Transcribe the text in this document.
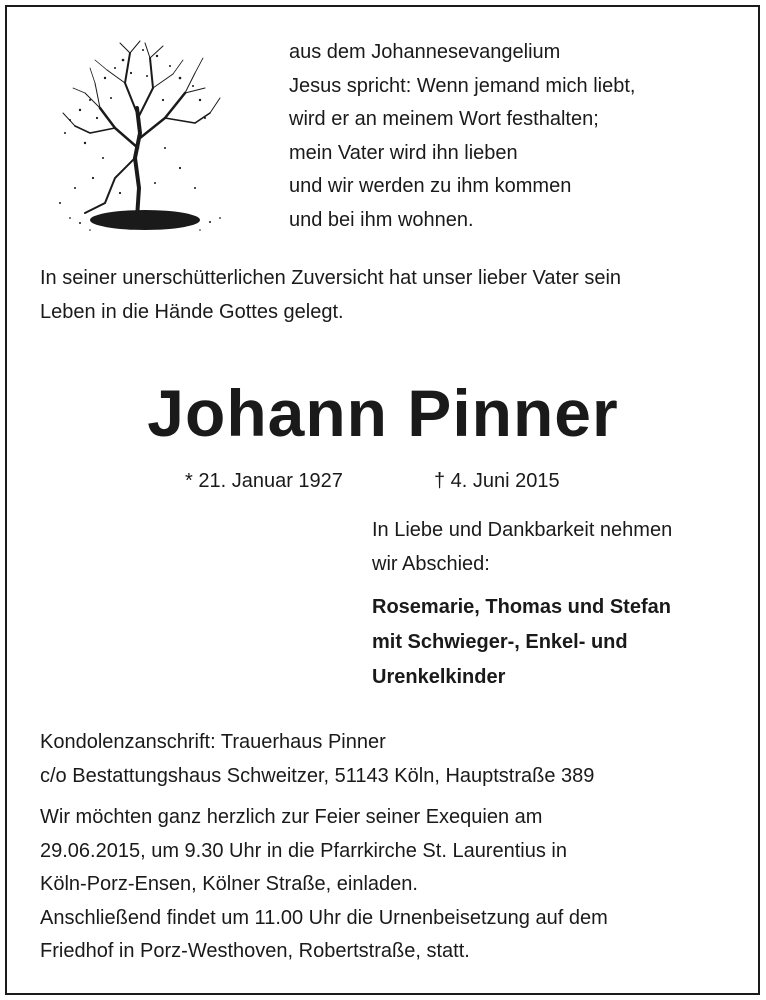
aus dem Johannesevangelium
Jesus spricht: Wenn jemand mich liebt,
wird er an meinem Wort festhalten;
mein Vater wird ihn lieben
und wir werden zu ihm kommen
und bei ihm wohnen.
In seiner unerschütterlichen Zuversicht hat unser lieber Vater sein
Leben in die Hände Gottes gelegt.
Johann Pinner
* 21. Januar 1927	† 4. Juni 2015
In Liebe und Dankbarkeit nehmen
wir Abschied:
Rosemarie, Thomas und Stefan
mit Schwieger-, Enkel- und
Urenkelkinder
Kondolenzanschrift: Trauerhaus Pinner
c/o Bestattungshaus Schweitzer, 51143 Köln, Hauptstraße 389
Wir möchten ganz herzlich zur Feier seiner Exequien am
29.06.2015, um 9.30 Uhr in die Pfarrkirche St. Laurentius in
Köln-Porz-Ensen, Kölner Straße, einladen.
Anschließend findet um 11.00 Uhr die Urnenbeisetzung auf dem
Friedhof in Porz-Westhoven, Robertstraße, statt.
